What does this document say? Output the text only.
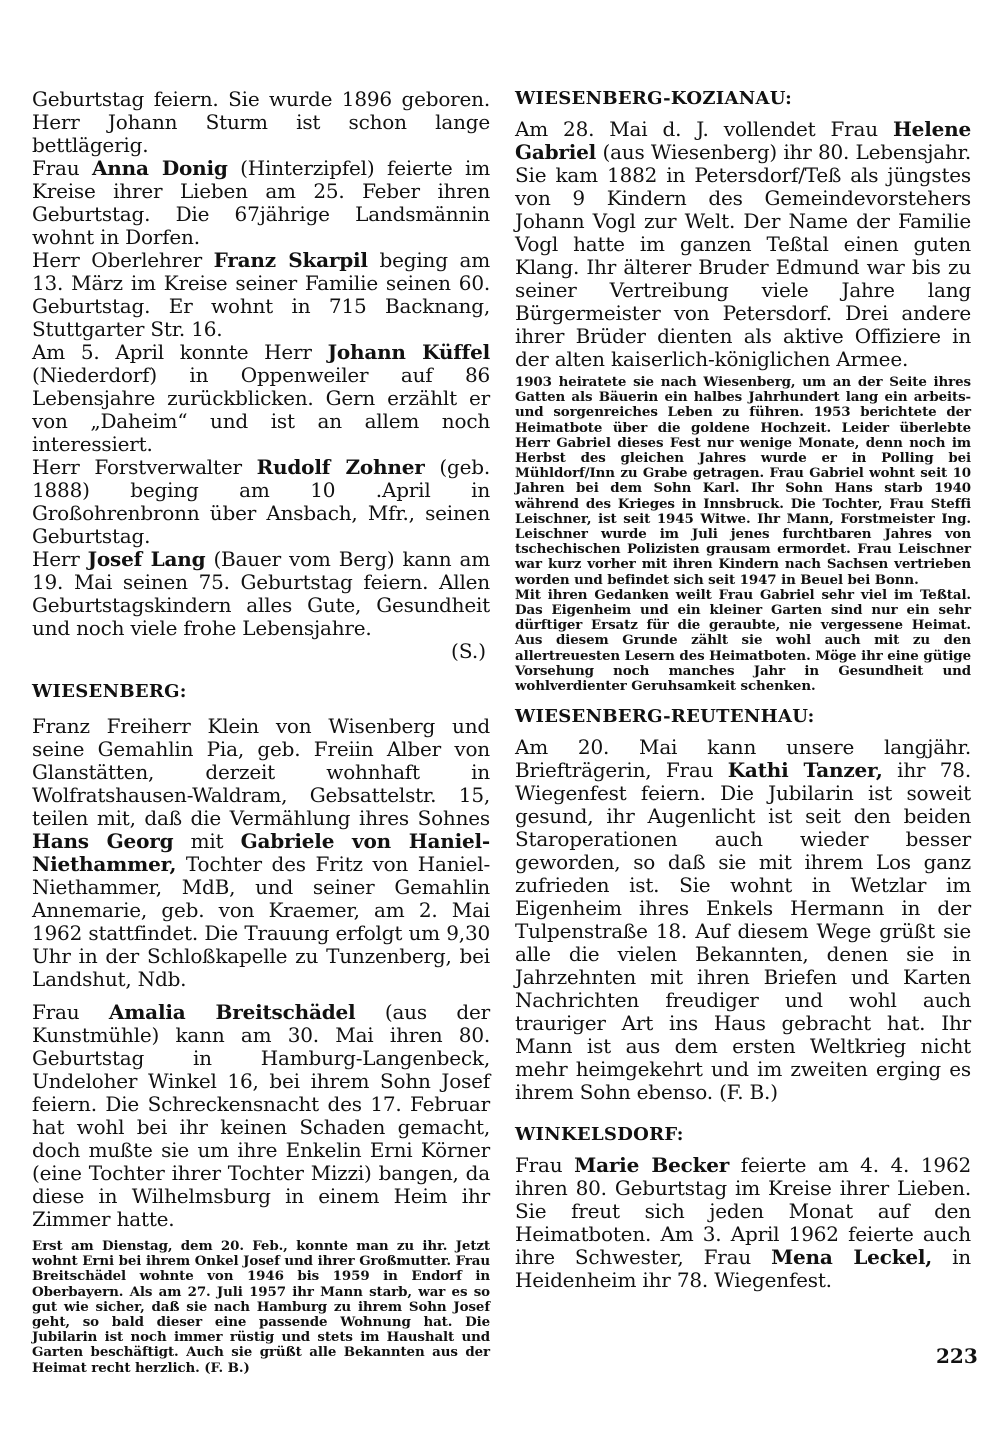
Geburtstag feiern. Sie wurde 1896 geboren. Herr Johann Sturm ist schon lange bettlägerig.

Frau Anna Donig (Hinterzipfel) feierte im Kreise ihrer Lieben am 25. Feber ihren Geburtstag. Die 67jährige Landsmännin wohnt in Dorfen.

Herr Oberlehrer Franz Skarpil beging am 13. März im Kreise seiner Familie seinen 60. Geburtstag. Er wohnt in 715 Backnang, Stuttgarter Str. 16.

Am 5. April konnte Herr Johann Küffel (Niederdorf) in Oppenweiler auf 86 Lebensjahre zurückblicken. Gern erzählt er von „Daheim“ und ist an allem noch interessiert.

Herr Forstverwalter Rudolf Zohner (geb. 1888) beging am 10 .April in Großohrenbronn über Ansbach, Mfr., seinen Geburtstag.

Herr Josef Lang (Bauer vom Berg) kann am 19. Mai seinen 75. Geburtstag feiern. Allen Geburtstagskindern alles Gute, Gesundheit und noch viele frohe Lebensjahre.

(S.)

WIESENBERG:

Franz Freiherr Klein von Wisenberg und seine Gemahlin Pia, geb. Freiin Alber von Glanstätten, derzeit wohnhaft in Wolfratshausen-Waldram, Gebsattelstr. 15, teilen mit, daß die Vermählung ihres Sohnes Hans Georg mit Gabriele von Haniel-Niethammer, Tochter des Fritz von Haniel-Niethammer, MdB, und seiner Gemahlin Annemarie, geb. von Kraemer, am 2. Mai 1962 stattfindet. Die Trauung erfolgt um 9,30 Uhr in der Schloßkapelle zu Tunzenberg, bei Landshut, Ndb.

Frau Amalia Breitschädel (aus der Kunstmühle) kann am 30. Mai ihren 80. Geburtstag in Hamburg-Langenbeck, Undeloher Winkel 16, bei ihrem Sohn Josef feiern. Die Schreckensnacht des 17. Februar hat wohl bei ihr keinen Schaden gemacht, doch mußte sie um ihre Enkelin Erni Körner (eine Tochter ihrer Tochter Mizzi) bangen, da diese in Wilhelmsburg in einem Heim ihr Zimmer hatte.

Erst am Dienstag, dem 20. Feb., konnte man zu ihr. Jetzt wohnt Erni bei ihrem Onkel Josef und ihrer Großmutter. Frau Breitschädel wohnte von 1946 bis 1959 in Endorf in Oberbayern. Als am 27. Juli 1957 ihr Mann starb, war es so gut wie sicher, daß sie nach Hamburg zu ihrem Sohn Josef geht, so bald dieser eine passende Wohnung hat. Die Jubilarin ist noch immer rüstig und stets im Haushalt und Garten beschäftigt. Auch sie grüßt alle Bekannten aus der Heimat recht herzlich. (F. B.)

WIESENBERG-KOZIANAU:

Am 28. Mai d. J. vollendet Frau Helene Gabriel (aus Wiesenberg) ihr 80. Lebensjahr. Sie kam 1882 in Petersdorf/Teß als jüngstes von 9 Kindern des Gemeindevorstehers Johann Vogl zur Welt. Der Name der Familie Vogl hatte im ganzen Teßtal einen guten Klang. Ihr älterer Bruder Edmund war bis zu seiner Vertreibung viele Jahre lang Bürgermeister von Petersdorf. Drei andere ihrer Brüder dienten als aktive Offiziere in der alten kaiserlich-königlichen Armee.

1903 heiratete sie nach Wiesenberg, um an der Seite ihres Gatten als Bäuerin ein halbes Jahrhundert lang ein arbeits- und sorgenreiches Leben zu führen. 1953 berichtete der Heimatbote über die goldene Hochzeit. Leider überlebte Herr Gabriel dieses Fest nur wenige Monate, denn noch im Herbst des gleichen Jahres wurde er in Polling bei Mühldorf/Inn zu Grabe getragen. Frau Gabriel wohnt seit 10 Jahren bei dem Sohn Karl. Ihr Sohn Hans starb 1940 während des Krieges in Innsbruck. Die Tochter, Frau Steffi Leischner, ist seit 1945 Witwe. Ihr Mann, Forstmeister Ing. Leischner wurde im Juli jenes furchtbaren Jahres von tschechischen Polizisten grausam ermordet. Frau Leischner war kurz vorher mit ihren Kindern nach Sachsen vertrieben worden und befindet sich seit 1947 in Beuel bei Bonn.

Mit ihren Gedanken weilt Frau Gabriel sehr viel im Teßtal. Das Eigenheim und ein kleiner Garten sind nur ein sehr dürftiger Ersatz für die geraubte, nie vergessene Heimat. Aus diesem Grunde zählt sie wohl auch mit zu den allertreuesten Lesern des Heimatboten. Möge ihr eine gütige Vorsehung noch manches Jahr in Gesundheit und wohlverdienter Geruhsamkeit schenken.

WIESENBERG-REUTENHAU:

Am 20. Mai kann unsere langjähr. Briefträgerin, Frau Kathi Tanzer, ihr 78. Wiegenfest feiern. Die Jubilarin ist soweit gesund, ihr Augenlicht ist seit den beiden Staroperationen auch wieder besser geworden, so daß sie mit ihrem Los ganz zufrieden ist. Sie wohnt in Wetzlar im Eigenheim ihres Enkels Hermann in der Tulpenstraße 18. Auf diesem Wege grüßt sie alle die vielen Bekannten, denen sie in Jahrzehnten mit ihren Briefen und Karten Nachrichten freudiger und wohl auch trauriger Art ins Haus gebracht hat. Ihr Mann ist aus dem ersten Weltkrieg nicht mehr heimgekehrt und im zweiten erging es ihrem Sohn ebenso. (F. B.)

WINKELSDORF:

Frau Marie Becker feierte am 4. 4. 1962 ihren 80. Geburtstag im Kreise ihrer Lieben. Sie freut sich jeden Monat auf den Heimatboten. Am 3. April 1962 feierte auch ihre Schwester, Frau Mena Leckel, in Heidenheim ihr 78. Wiegenfest.

223
